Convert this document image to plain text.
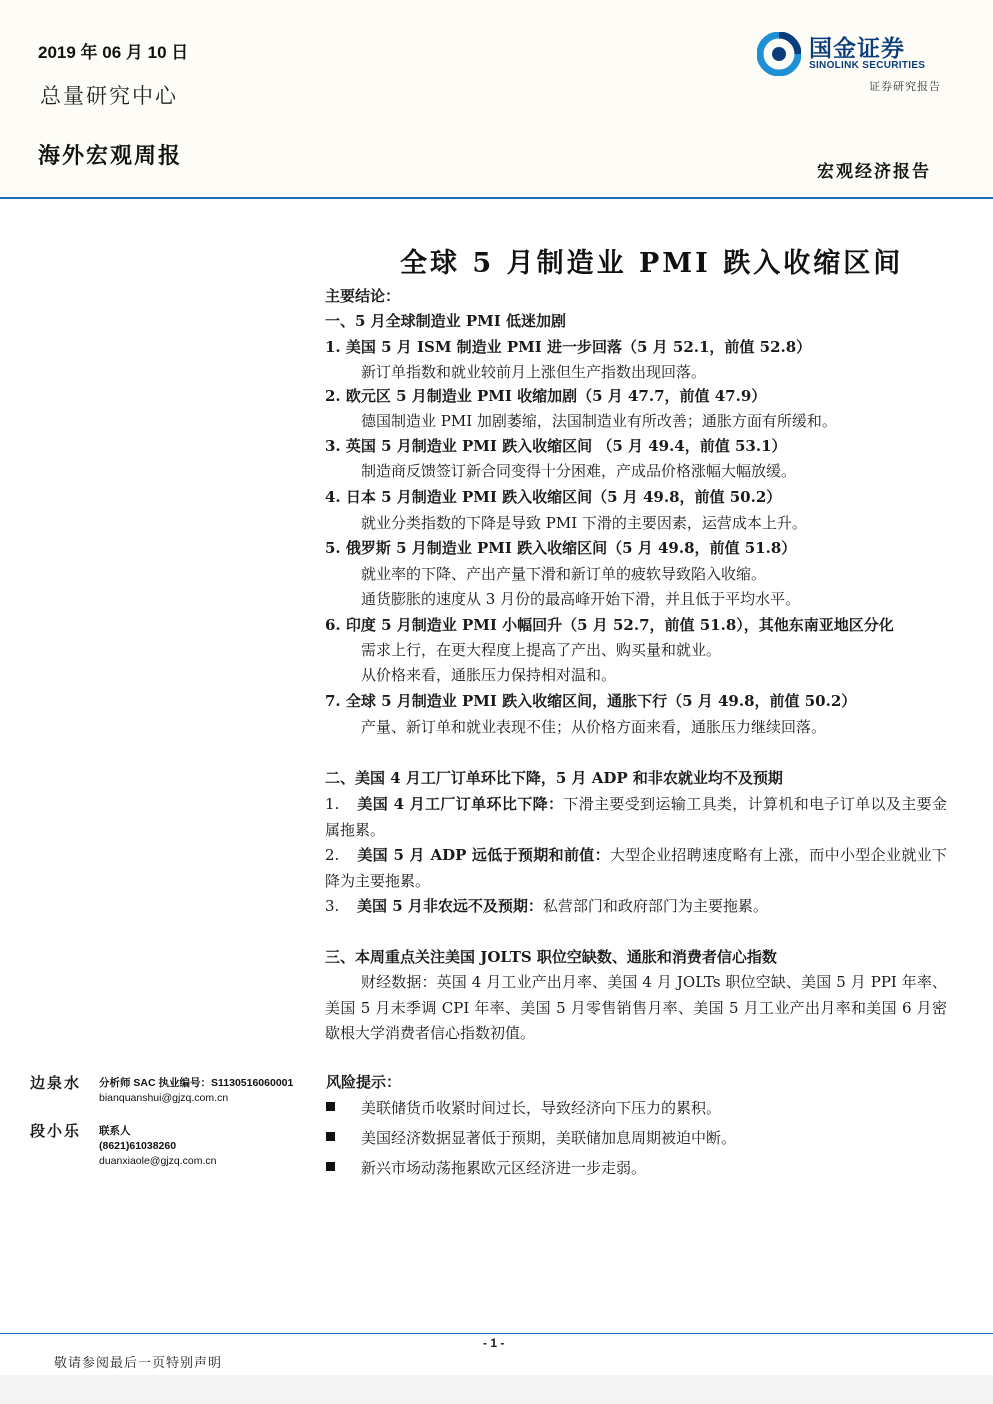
2019 年 06 月 10 日
总量研究中心
海外宏观周报
国金证券
SINOLINK SECURITIES
证券研究报告
宏观经济报告
全球 5 月制造业 PMI 跌入收缩区间
主要结论：
一、5 月全球制造业 PMI 低迷加剧
1. 美国 5 月 ISM 制造业 PMI 进一步回落（5 月 52.1，前值 52.8）
新订单指数和就业较前月上涨但生产指数出现回落。
2. 欧元区 5 月制造业 PMI 收缩加剧（5 月 47.7，前值 47.9）
德国制造业 PMI 加剧萎缩，法国制造业有所改善；通胀方面有所缓和。
3. 英国 5 月制造业 PMI 跌入收缩区间 （5 月 49.4，前值 53.1）
制造商反馈签订新合同变得十分困难，产成品价格涨幅大幅放缓。
4. 日本 5 月制造业 PMI 跌入收缩区间（5 月 49.8，前值 50.2）
就业分类指数的下降是导致 PMI 下滑的主要因素，运营成本上升。
5. 俄罗斯 5 月制造业 PMI 跌入收缩区间（5 月 49.8，前值 51.8）
就业率的下降、产出产量下滑和新订单的疲软导致陷入收缩。
通货膨胀的速度从 3 月份的最高峰开始下滑，并且低于平均水平。
6. 印度 5 月制造业 PMI 小幅回升（5 月 52.7，前值 51.8），其他东南亚地区分化
需求上行，在更大程度上提高了产出、购买量和就业。
从价格来看，通胀压力保持相对温和。
7. 全球 5 月制造业 PMI 跌入收缩区间，通胀下行（5 月 49.8，前值 50.2）
产量、新订单和就业表现不佳；从价格方面来看，通胀压力继续回落。
二、美国 4 月工厂订单环比下降，5 月 ADP 和非农就业均不及预期
1. 美国 4 月工厂订单环比下降：下滑主要受到运输工具类，计算机和电子订单以及主要金属拖累。
2. 美国 5 月 ADP 远低于预期和前值：大型企业招聘速度略有上涨，而中小型企业就业下降为主要拖累。
3. 美国 5 月非农远不及预期：私营部门和政府部门为主要拖累。
三、本周重点关注美国 JOLTS 职位空缺数、通胀和消费者信心指数
财经数据：英国 4 月工业产出月率、美国 4 月 JOLTs 职位空缺、美国 5 月 PPI 年率、美国 5 月未季调 CPI 年率、美国 5 月零售销售月率、美国 5 月工业产出月率和美国 6 月密歇根大学消费者信心指数初值。
边泉水 分析师 SAC 执业编号：S1130516060001
bianquanshui@gjzq.com.cn
段小乐 联系人
(8621)61038260
duanxiaole@gjzq.com.cn
风险提示：
美联储货币收紧时间过长，导致经济向下压力的累积。
美国经济数据显著低于预期，美联储加息周期被迫中断。
新兴市场动荡拖累欧元区经济进一步走弱。
- 1 -
敬请参阅最后一页特别声明
